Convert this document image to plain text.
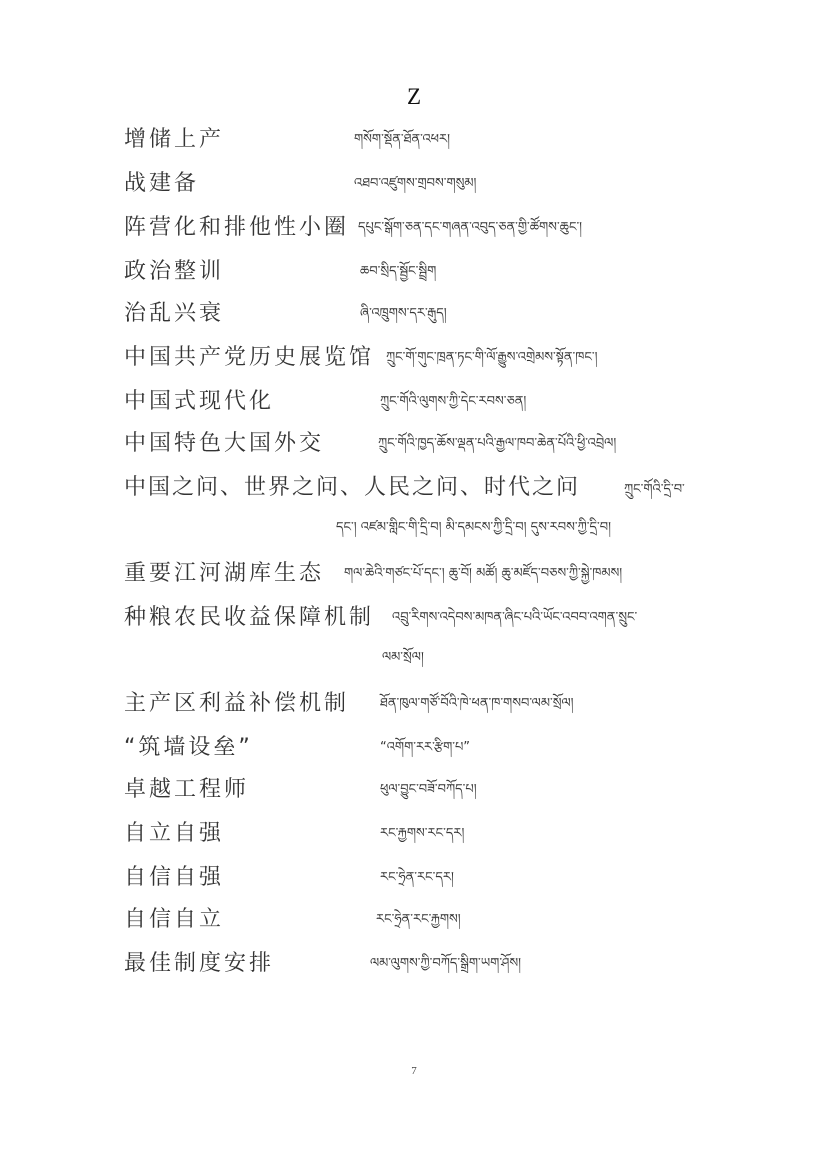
Z
增储上产	གསོག་སྡོན་ཐོན་འཕར།
战建备	འཐབ་འཛུགས་གྲབས་གསུམ།
阵营化和排他性小圈 དཔུང་སྒོག་ཅན་དང་གཞན་འབུད་ཅན་གྱི་ཚོགས་ཆུང་།
政治整训	ཆབ་སྲིད་སྦྱོང་སྦྲིག
治乱兴衰	ཞི་འཁྲུགས་དར་རྒུད།
中国共产党历史展览馆 ཀྲུང་གོ་གུང་ཁྲན་ཏང་གི་ལོ་རྒྱུས་འགྲེམས་སྟོན་ཁང་།
中国式现代化	ཀྲུང་གོའི་ལུགས་ཀྱི་དེང་རབས་ཅན།
中国特色大国外交	ཀྲུང་གོའི་ཁྱད་ཆོས་ལྡན་པའི་རྒྱལ་ཁབ་ཆེན་པོའི་ཕྱི་འབྲེལ།
中国之问、世界之问、人民之问、时代之问	ཀྲུང་གོའི་དྲི་བ་
དང་། འཛམ་གླིང་གི་དྲི་བ། མི་དམངས་ཀྱི་དྲི་བ། དུས་རབས་ཀྱི་དྲི་བ།
重要江河湖库生态 གལ་ཆེའི་གཙང་པོ་དང་། ཆུ་བོ། མཚོ། ཆུ་མཛོད་བཅས་ཀྱི་སྐྱེ་ཁམས།
种粮农民收益保障机制 འབྲུ་རིགས་འདེབས་མཁན་ཞིང་པའི་ཡོང་འབབ་འགན་སྲུང་
ལམ་སྲོལ།
主产区利益补偿机制 ཐོན་ཁུལ་གཙོ་བོའི་ཁེ་ཕན་ཁ་གསབ་ལམ་སྲོལ།
“筑墙设垒”	“འགོག་རར་རྩིག་པ”
卓越工程师	ཕུལ་བྱུང་བཟོ་བཀོད་པ།
自立自强	རང་རྐྱགས་རང་དར།
自信自强	རང་ཧྲེན་རང་དར།
自信自立	རང་ཧྲེན་རང་རྐྱགས།
最佳制度安排	ལམ་ལུགས་ཀྱི་བཀོད་སྒྲིག་ཡག་ཤོས།
7
